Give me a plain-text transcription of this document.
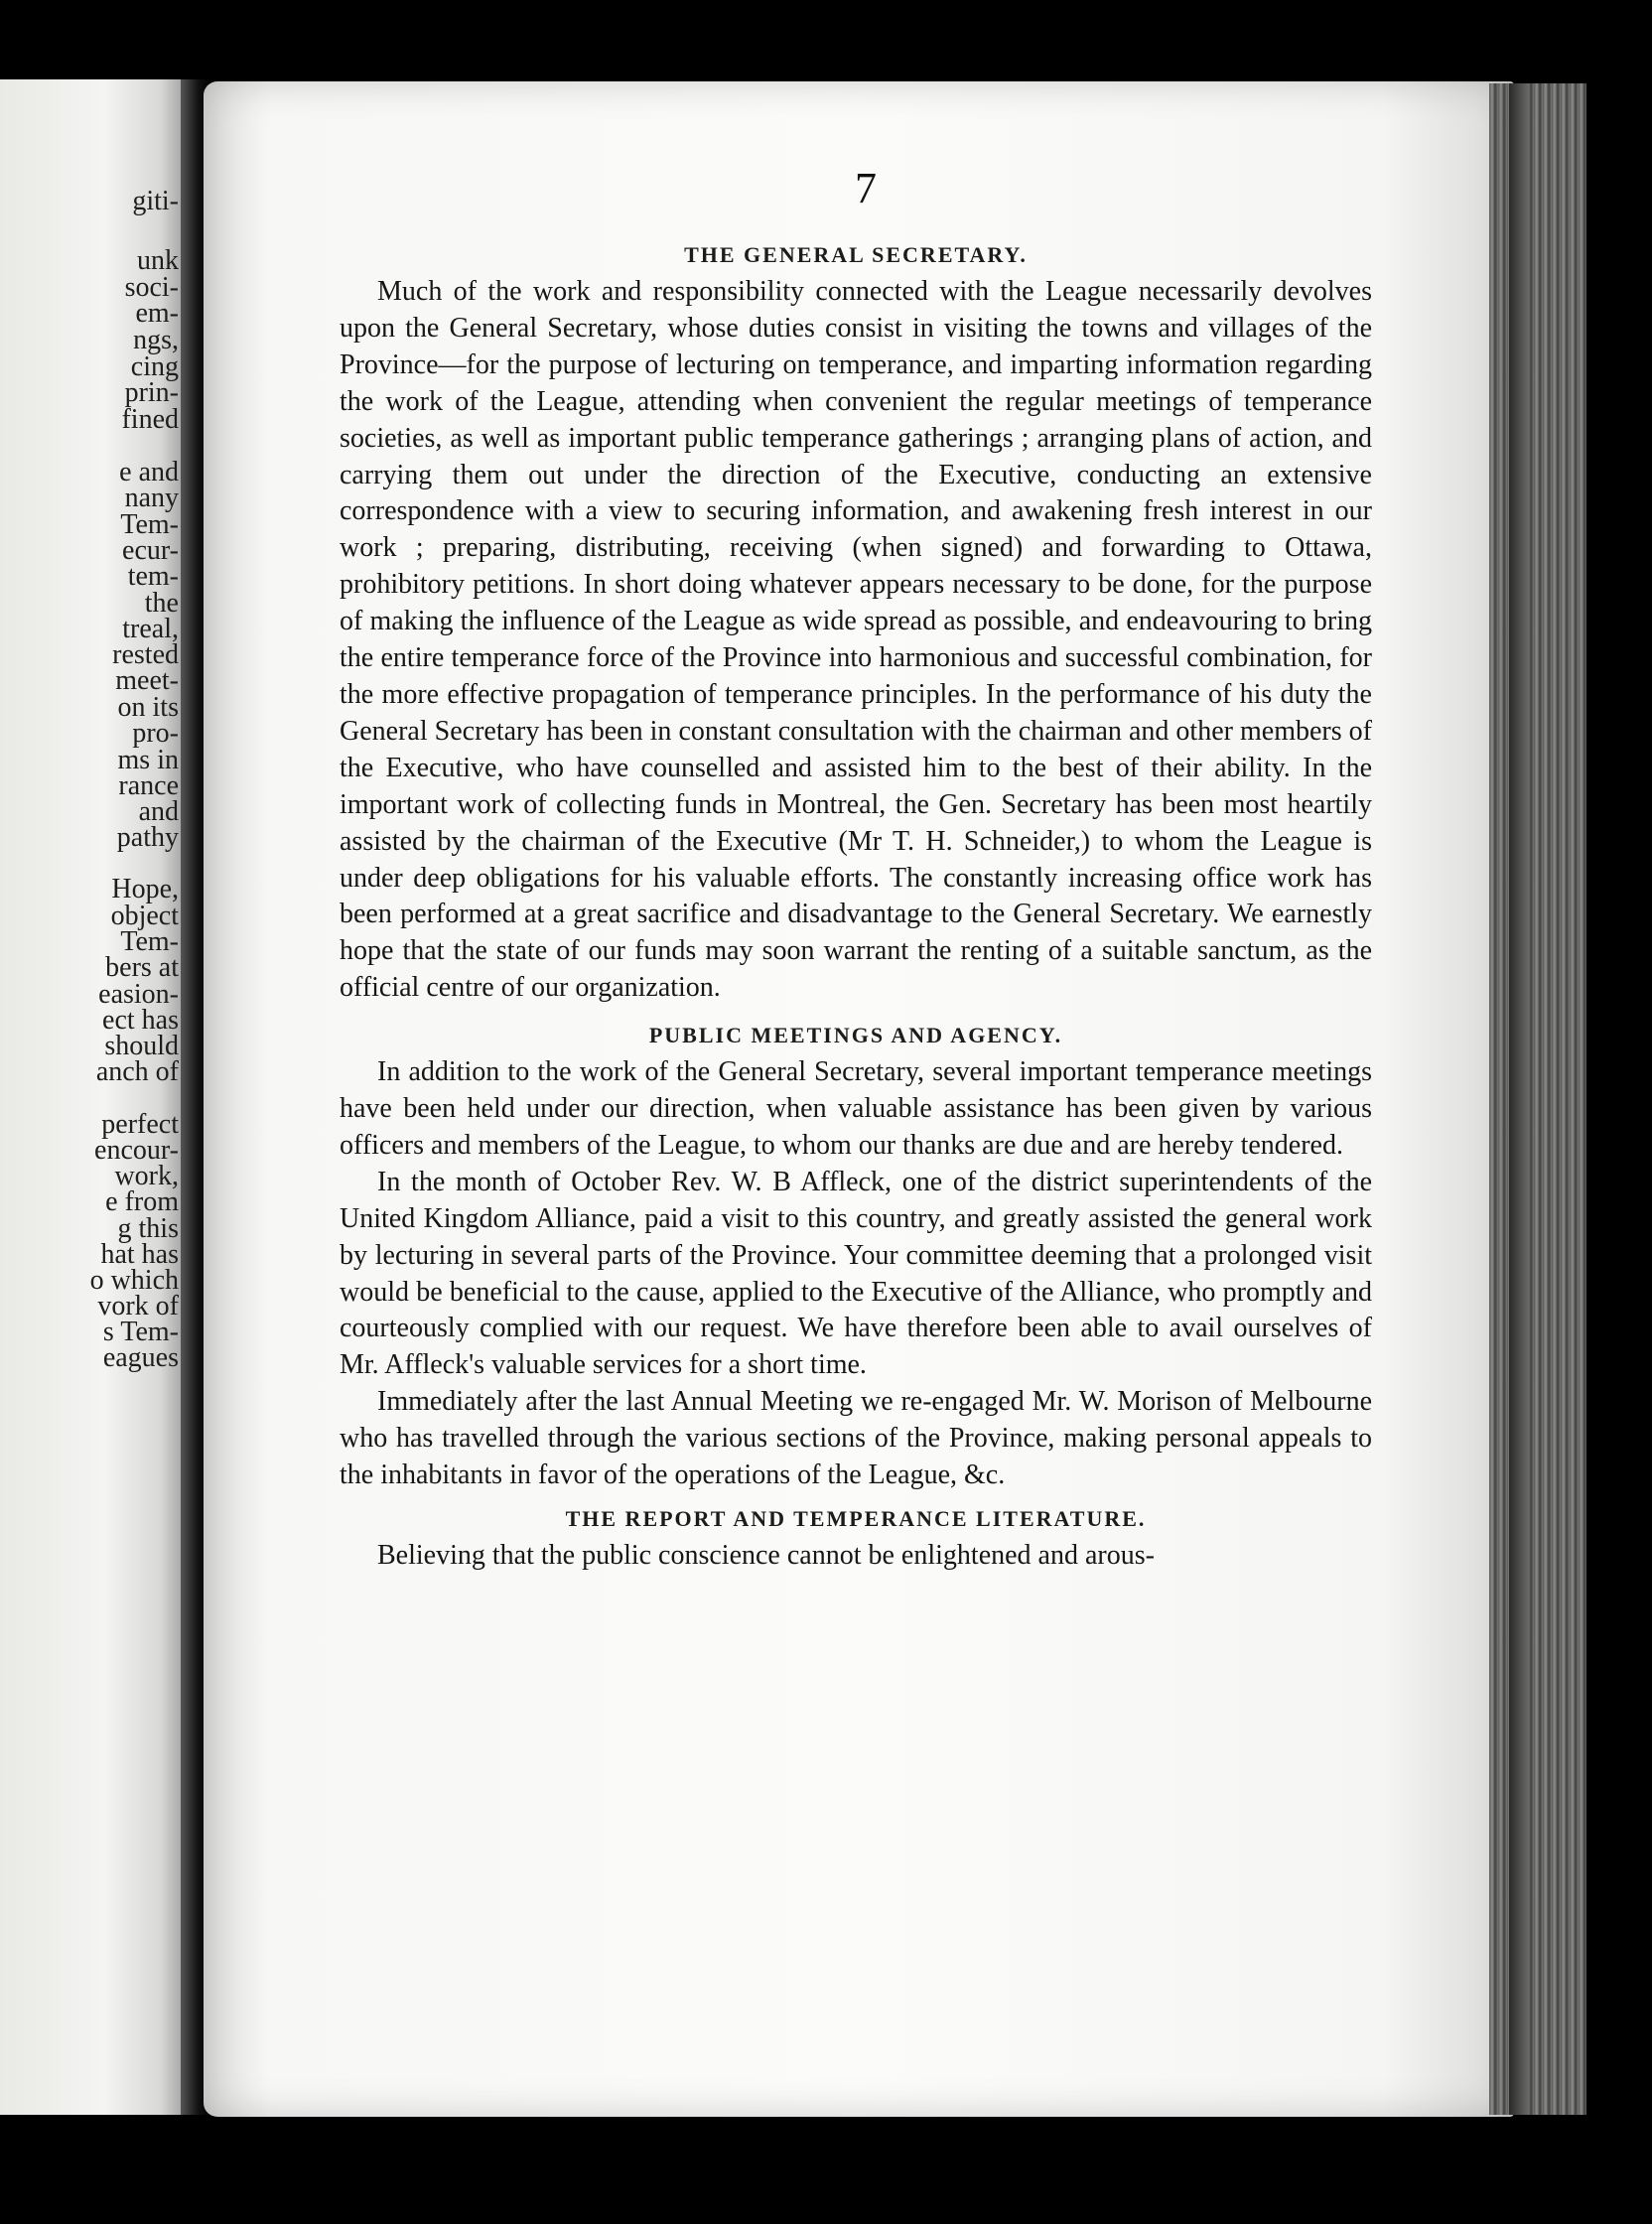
giti-
unk
soci-
em-
ngs,
cing
prin-
fined
e and
nany
Tem-
ecur-
tem-
the
treal,
rested
meet-
on its
pro-
ms in
rance
and
pathy
Hope,
object
Tem-
bers at
easion-
ect has
should
anch of
perfect
encour-
work,
e from
g this
hat has
o which
vork of
s Tem-
eagues
7
THE GENERAL SECRETARY.

Much of the work and responsibility connected with the League necessarily devolves upon the General Secretary, whose duties consist in visiting the towns and villages of the Province—for the purpose of lecturing on temperance, and imparting information regarding the work of the League, attending when convenient the regular meetings of temperance societies, as well as important public temperance gatherings ; arranging plans of action, and carrying them out under the direction of the Executive, conducting an extensive correspondence with a view to securing information, and awakening fresh interest in our work ; preparing, distributing, receiving (when signed) and forwarding to Ottawa, prohibitory petitions. In short doing whatever appears necessary to be done, for the purpose of making the influence of the League as wide spread as possible, and endeavouring to bring the entire temperance force of the Province into harmonious and successful combination, for the more effective propagation of temperance principles. In the performance of his duty the General Secretary has been in constant consultation with the chairman and other members of the Executive, who have counselled and assisted him to the best of their ability. In the important work of collecting funds in Montreal, the Gen. Secretary has been most heartily assisted by the chairman of the Executive (Mr T. H. Schneider,) to whom the League is under deep obligations for his valuable efforts. The constantly increasing office work has been performed at a great sacrifice and disadvantage to the General Secretary. We earnestly hope that the state of our funds may soon warrant the renting of a suitable sanctum, as the official centre of our organization.

PUBLIC MEETINGS AND AGENCY.

In addition to the work of the General Secretary, several important temperance meetings have been held under our direction, when valuable assistance has been given by various officers and members of the League, to whom our thanks are due and are hereby tendered.

In the month of October Rev. W. B Affleck, one of the district superintendents of the United Kingdom Alliance, paid a visit to this country, and greatly assisted the general work by lecturing in several parts of the Province. Your committee deeming that a prolonged visit would be beneficial to the cause, applied to the Executive of the Alliance, who promptly and courteously complied with our request. We have therefore been able to avail ourselves of Mr. Affleck's valuable services for a short time.

Immediately after the last Annual Meeting we re-engaged Mr. W. Morison of Melbourne who has travelled through the various sections of the Province, making personal appeals to the inhabitants in favor of the operations of the League, &c.

THE REPORT AND TEMPERANCE LITERATURE.

Believing that the public conscience cannot be enlightened and arous-
